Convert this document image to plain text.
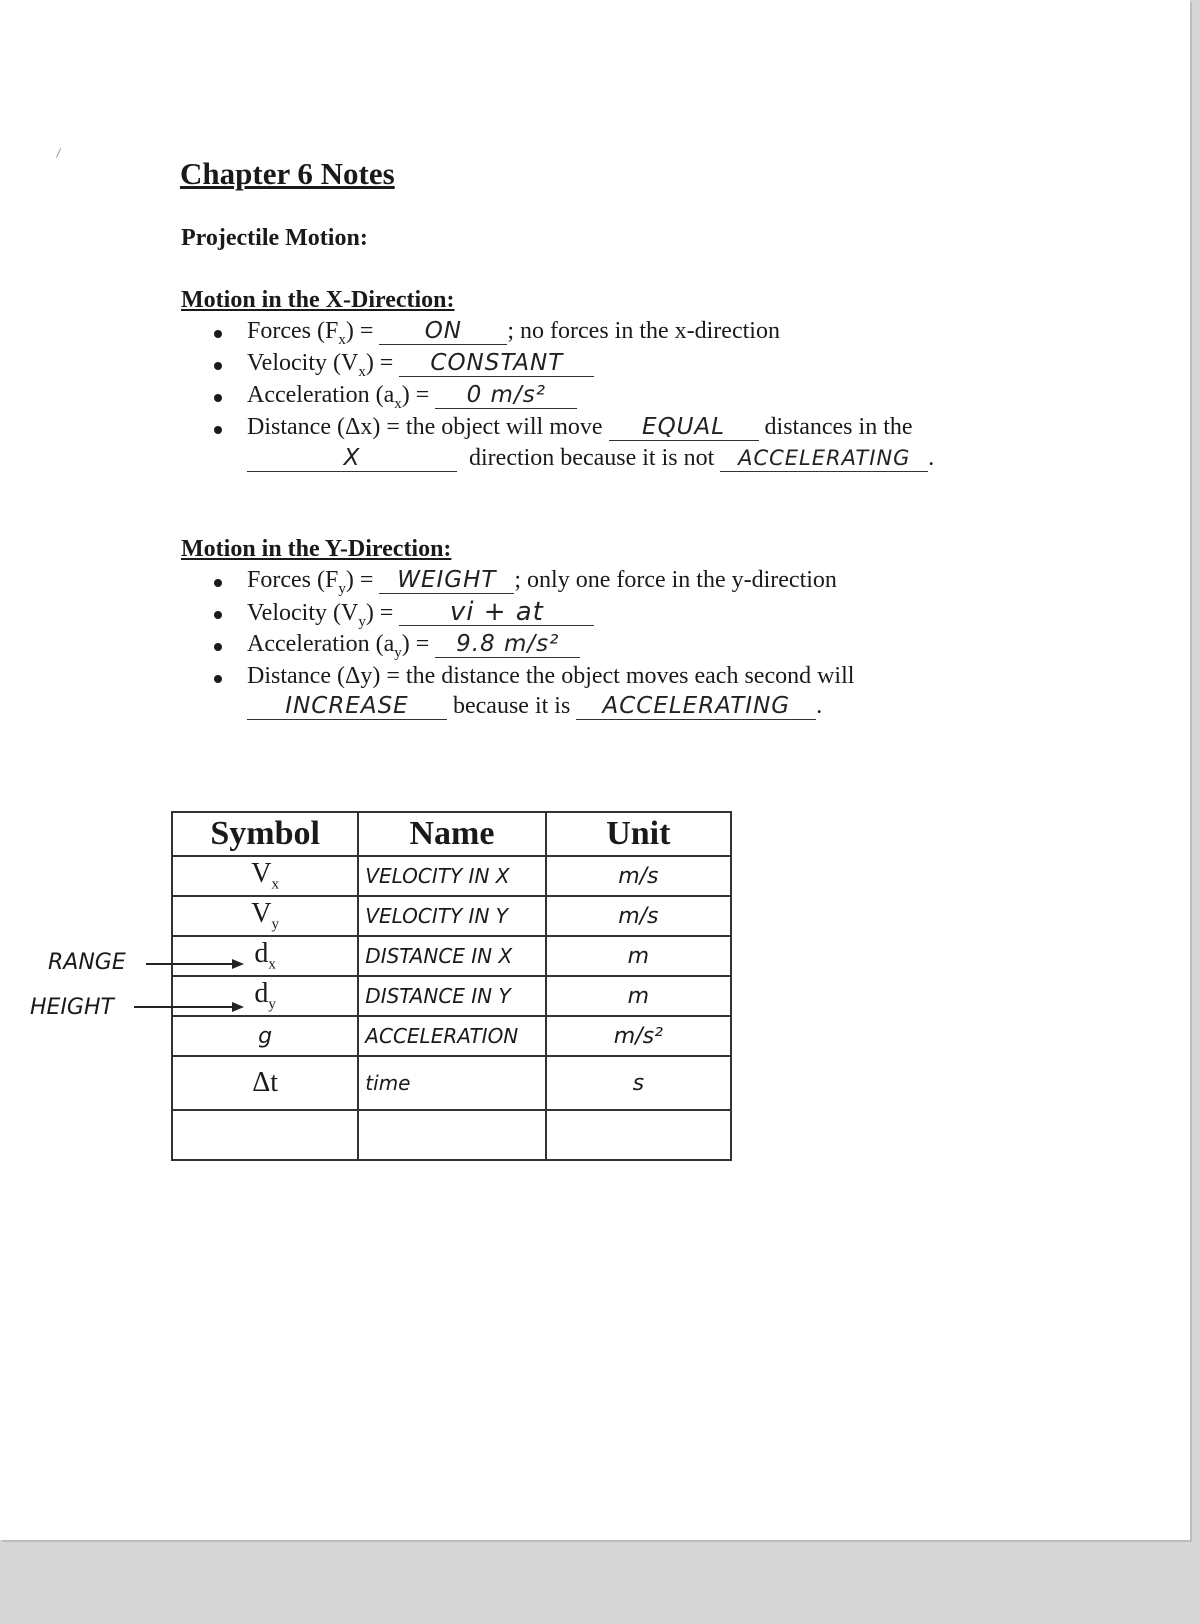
Chapter 6 Notes
Projectile Motion:
Motion in the X-Direction:
Forces $(F_x)$ = ON ; no forces in the x-direction
Velocity $(V_x)$ = CONSTANT
Acceleration $(a_x) = 0$ m/s²
Distance (Δx) = the object will move EQUAL distances in the
X	direction because it is not ACCELERATING .
Motion in the Y-Direction:
Forces $(F_y)$ = WEIGHT ; only one force in the y-direction
Velocity $(V_y)$ = vi + at
Acceleration $(a_y) = 9.8$ m/s²
Distance (Δy) = the distance the object moves each second will
INCREASE because it is ACCELERATING .
Symbol	Name	Unit
$V_x$	VELOCITY IN X	m/s
$V_y$	VELOCITY IN Y	m/s
$d_x$	DISTANCE IN X	m
$d_y$	DISTANCE IN Y	m
g	ACCELERATION	m/s²
Δt	time	s

RANGE
HEIGHT
